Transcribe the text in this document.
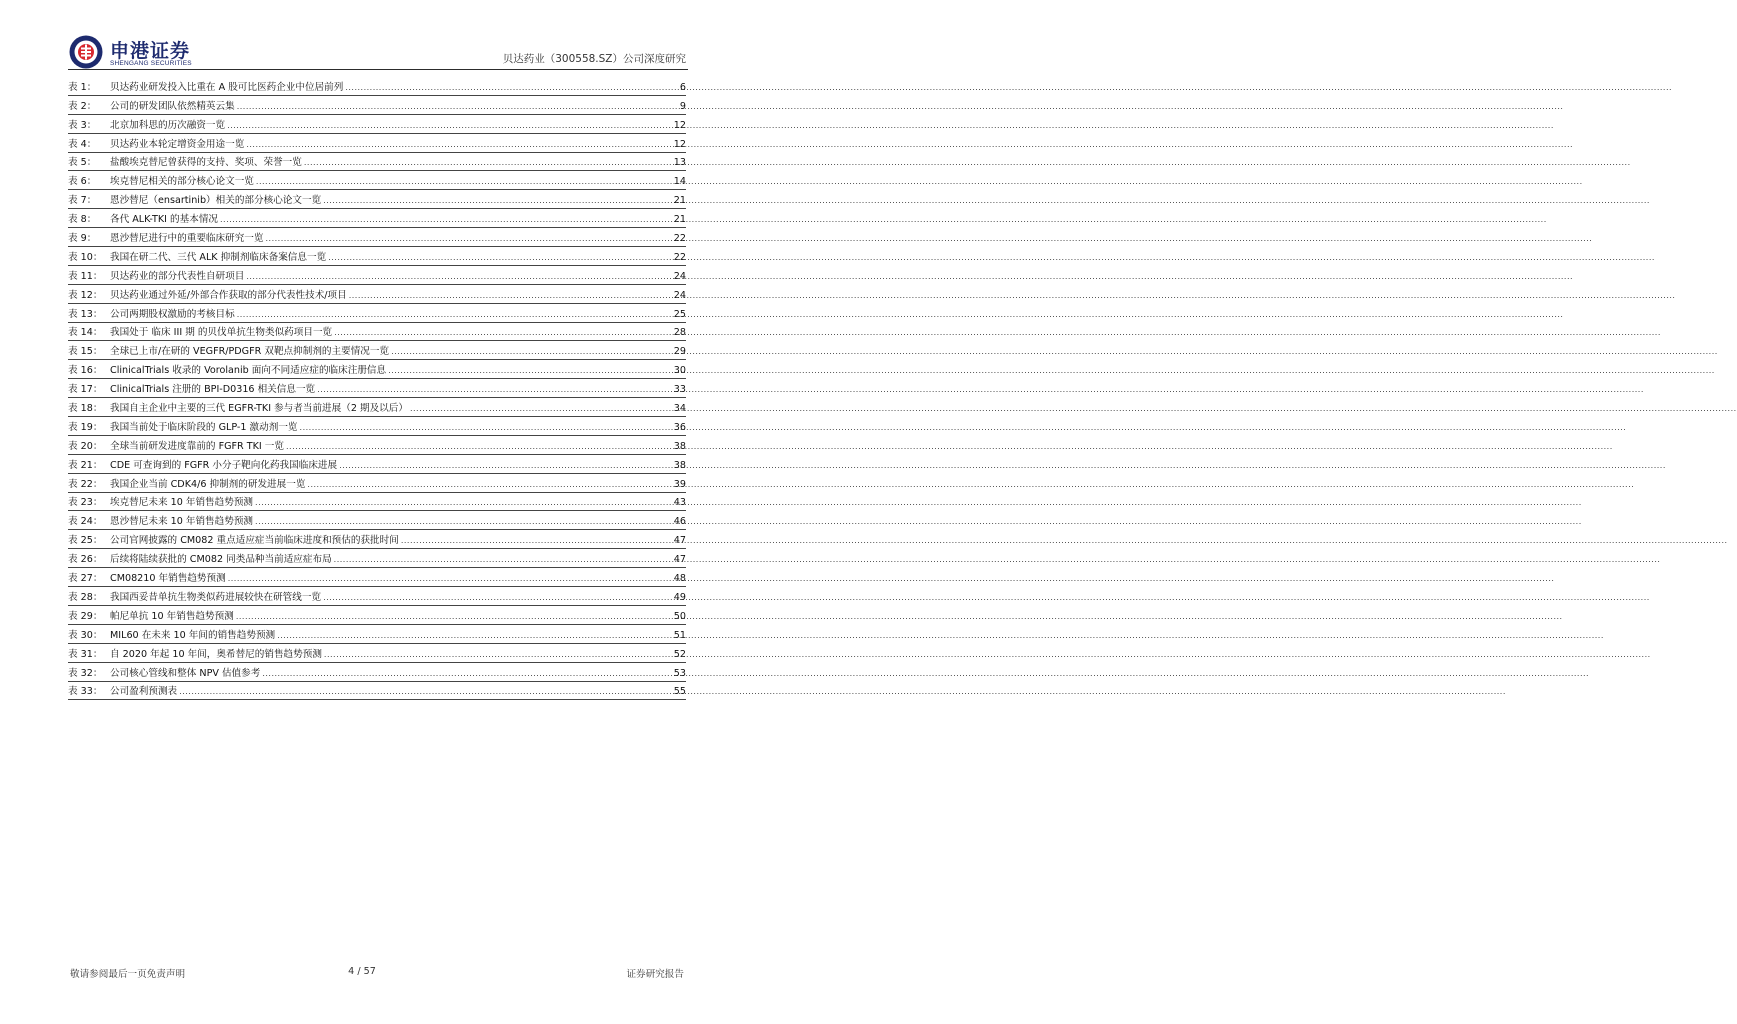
申港证券
SHENGANG SECURITIES	贝达药业（300558.SZ）公司深度研究
表 1：	贝达药业研发投入比重在 A 股可比医药企业中位居前列 .....	6
表 2：	公司的研发团队依然精英云集 .....	9
表 3：	北京加科思的历次融资一览 .....	12
表 4：	贝达药业本轮定增资金用途一览 .....	12
表 5：	盐酸埃克替尼曾获得的支持、奖项、荣誉一览 .....	13
表 6：	埃克替尼相关的部分核心论文一览 .....	14
表 7：	恩沙替尼（ensartinib）相关的部分核心论文一览 .....	21
表 8：	各代 ALK-TKI 的基本情况 .....	21
表 9：	恩沙替尼进行中的重要临床研究一览 .....	22
表 10： 我国在研二代、三代 ALK 抑制剂临床备案信息一览 .....	22
表 11： 贝达药业的部分代表性自研项目 .....	24
表 12： 贝达药业通过外延/外部合作获取的部分代表性技术/项目 .....	24
表 13： 公司两期股权激励的考核目标 .....	25
表 14： 我国处于 临床 III 期 的贝伐单抗生物类似药项目一览 .....	28
表 15： 全球已上市/在研的 VEGFR/PDGFR 双靶点抑制剂的主要情况一览 .....	29
表 16： ClinicalTrials 收录的 Vorolanib 面向不同适应症的临床注册信息 .....	30
表 17： ClinicalTrials 注册的 BPI-D0316 相关信息一览 .....	33
表 18： 我国自主企业中主要的三代 EGFR-TKI 参与者当前进展（2 期及以后） .....	34
表 19： 我国当前处于临床阶段的 GLP-1 激动剂一览 .....	36
表 20： 全球当前研发进度靠前的 FGFR TKI 一览 .....	38
表 21： CDE 可查询到的 FGFR 小分子靶向化药我国临床进展 .....	38
表 22： 我国企业当前 CDK4/6 抑制剂的研发进展一览 .....	39
表 23： 埃克替尼未来 10 年销售趋势预测 .....	43
表 24： 恩沙替尼未来 10 年销售趋势预测 .....	46
表 25： 公司官网披露的 CM082 重点适应症当前临床进度和预估的获批时间 .....	47
表 26： 后续将陆续获批的 CM082 同类品种当前适应症布局 .....	47
表 27： CM08210 年销售趋势预测 .....	48
表 28： 我国西妥昔单抗生物类似药进展较快在研管线一览 .....	49
表 29： 帕尼单抗 10 年销售趋势预测 .....	50
表 30： MIL60 在未来 10 年间的销售趋势预测 .....	51
表 31： 自 2020 年起 10 年间，奥希替尼的销售趋势预测 .....	52
表 32： 公司核心管线和整体 NPV 估值参考 .....	53
表 33： 公司盈利预测表 .....	55
敬请参阅最后一页免责声明	4 / 57	证券研究报告
